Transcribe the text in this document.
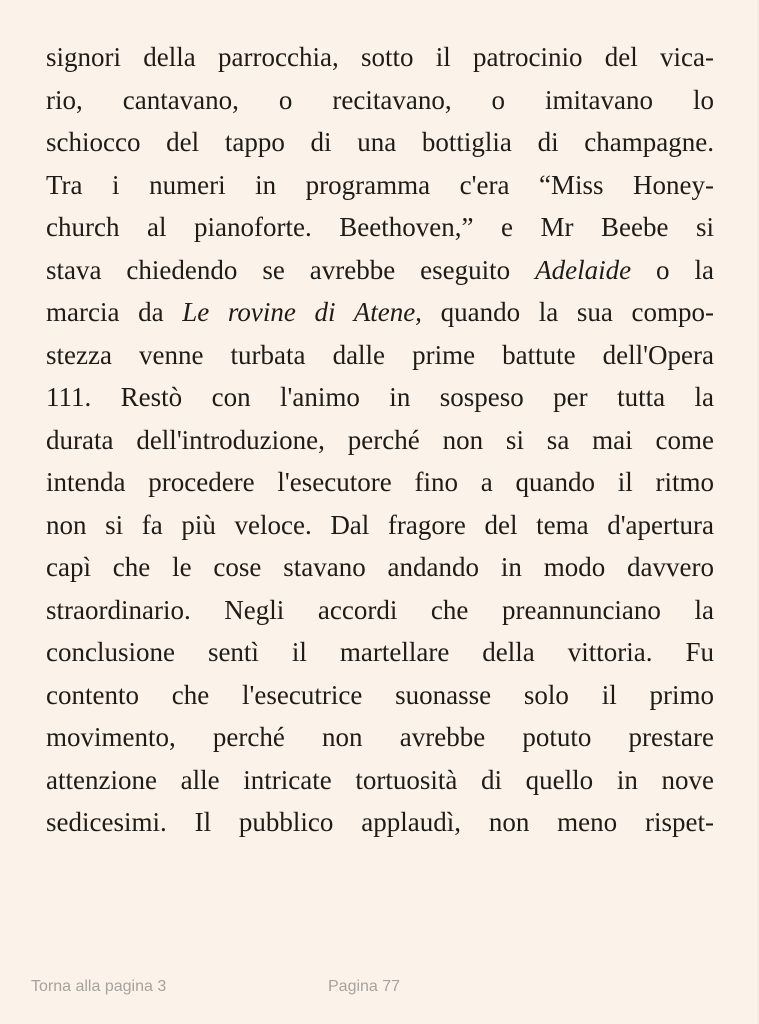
signori della parrocchia, sotto il patrocinio del vica-
rio, cantavano, o recitavano, o imitavano lo
schiocco del tappo di una bottiglia di champagne.
Tra i numeri in programma c'era “Miss Honey-
church al pianoforte. Beethoven,” e Mr Beebe si
stava chiedendo se avrebbe eseguito Adelaide o la
marcia da Le rovine di Atene, quando la sua compo-
stezza venne turbata dalle prime battute dell'Opera
111. Restò con l'animo in sospeso per tutta la
durata dell'introduzione, perché non si sa mai come
intenda procedere l'esecutore fino a quando il ritmo
non si fa più veloce. Dal fragore del tema d'apertura
capì che le cose stavano andando in modo davvero
straordinario. Negli accordi che preannunciano la
conclusione sentì il martellare della vittoria. Fu
contento che l'esecutrice suonasse solo il primo
movimento, perché non avrebbe potuto prestare
attenzione alle intricate tortuosità di quello in nove
sedicesimi. Il pubblico applaudì, non meno rispet-
Torna alla pagina 3	Pagina 77
